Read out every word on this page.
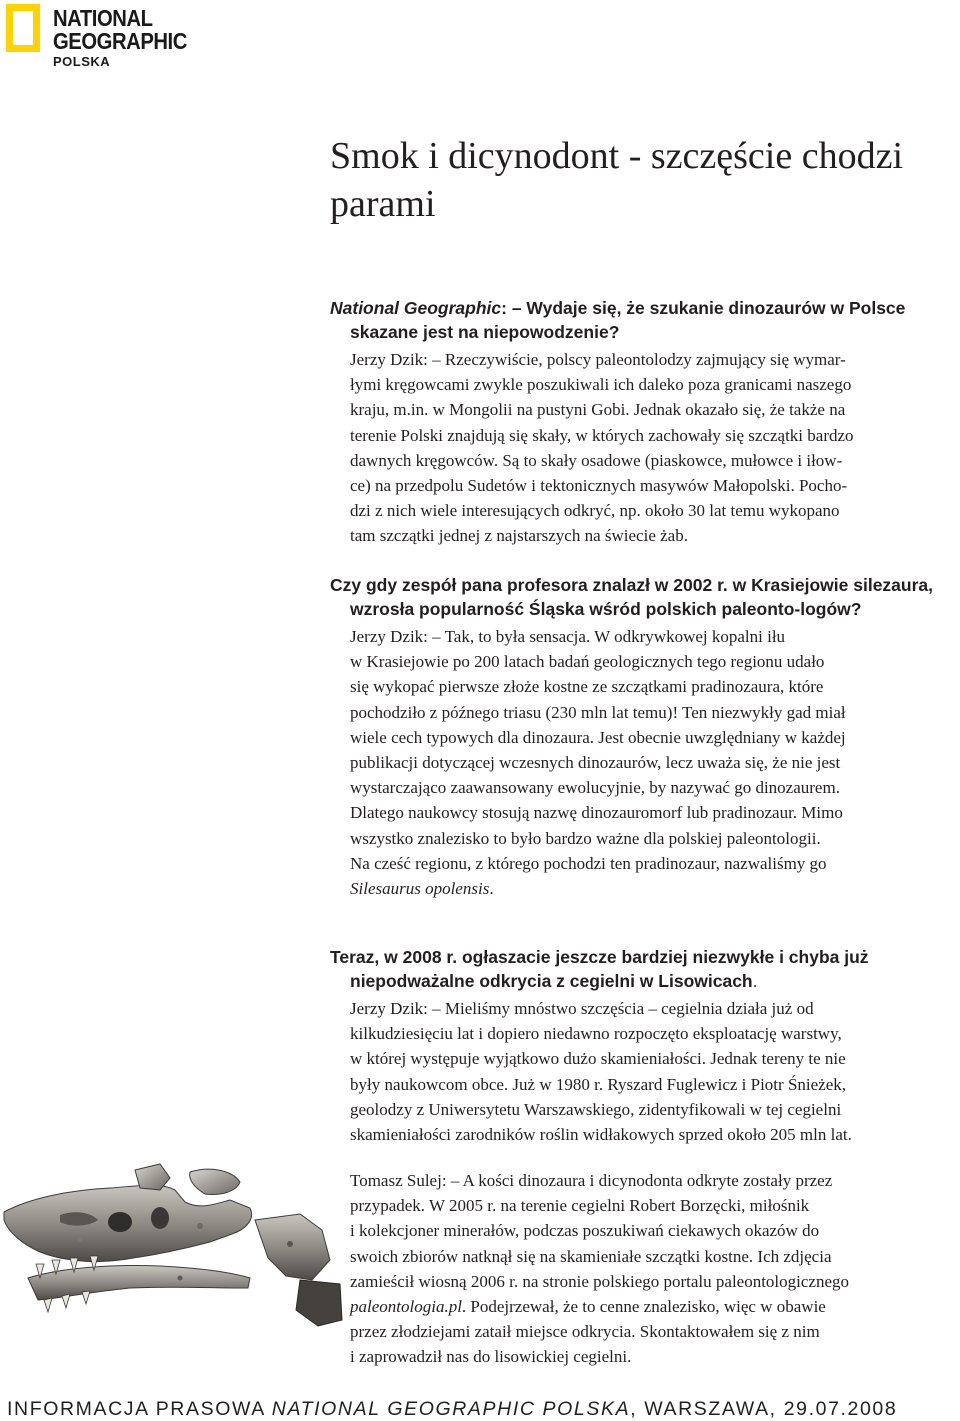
NATIONAL
GEOGRAPHIC
POLSKA
Smok i dicynodont - szczęście chodzi parami

National Geographic: – Wydaje się, że szukanie dinozaurów w Polsce skazane jest na niepowodzenie?

Jerzy Dzik: – Rzeczywiście, polscy paleontolodzy zajmujący się wymar-
łymi kręgowcami zwykle poszukiwali ich daleko poza granicami naszego
kraju, m.in. w Mongolii na pustyni Gobi. Jednak okazało się, że także na
terenie Polski znajdują się skały, w których zachowały się szczątki bardzo
dawnych kręgowców. Są to skały osadowe (piaskowce, mułowce i iłow-
ce) na przedpolu Sudetów i tektonicznych masywów Małopolski. Pocho-
dzi z nich wiele interesujących odkryć, np. około 30 lat temu wykopano
tam szczątki jednej z najstarszych na świecie żab.

Czy gdy zespół pana profesora znalazł w 2002 r. w Krasiejowie silezaura, wzrosła popularność Śląska wśród polskich paleonto-logów?

Jerzy Dzik: – Tak, to była sensacja. W odkrywkowej kopalni iłu
w Krasiejowie po 200 latach badań geologicznych tego regionu udało
się wykopać pierwsze złoże kostne ze szczątkami pradinozaura, które
pochodziło z późnego triasu (230 mln lat temu)! Ten niezwykły gad miał
wiele cech typowych dla dinozaura. Jest obecnie uwzględniany w każdej
publikacji dotyczącej wczesnych dinozaurów, lecz uważa się, że nie jest
wystarczająco zaawansowany ewolucyjnie, by nazywać go dinozaurem.
Dlatego naukowcy stosują nazwę dinozauromorf lub pradinozaur. Mimo
wszystko znalezisko to było bardzo ważne dla polskiej paleontologii.
Na cześć regionu, z którego pochodzi ten pradinozaur, nazwaliśmy go
Silesaurus opolensis.

Teraz, w 2008 r. ogłaszacie jeszcze bardziej niezwykłe i chyba już niepodważalne odkrycia z cegielni w Lisowicach.

Jerzy Dzik: – Mieliśmy mnóstwo szczęścia – cegielnia działa już od
kilkudziesięciu lat i dopiero niedawno rozpoczęto eksploatację warstwy,
w której występuje wyjątkowo dużo skamieniałości. Jednak tereny te nie
były naukowcom obce. Już w 1980 r. Ryszard Fuglewicz i Piotr Śnieżek,
geolodzy z Uniwersytetu Warszawskiego, zidentyfikowali w tej cegielni
skamieniałości zarodników roślin widłakowych sprzed około 205 mln lat.
Tomasz Sulej: – A kości dinozaura i dicynodonta odkryte zostały przez
przypadek. W 2005 r. na terenie cegielni Robert Borzęcki, miłośnik
i kolekcjoner minerałów, podczas poszukiwań ciekawych okazów do
swoich zbiorów natknął się na skamieniałe szczątki kostne. Ich zdjęcia
zamieścił wiosną 2006 r. na stronie polskiego portalu paleontologicznego
paleontologia.pl. Podejrzewał, że to cenne znalezisko, więc w obawie
przez złodziejami zataił miejsce odkrycia. Skontaktowałem się z nim
i zaprowadził nas do lisowickiej cegielni.
INFORMACJA PRASOWA NATIONAL GEOGRAPHIC POLSKA, WARSZAWA, 29.07.2008
